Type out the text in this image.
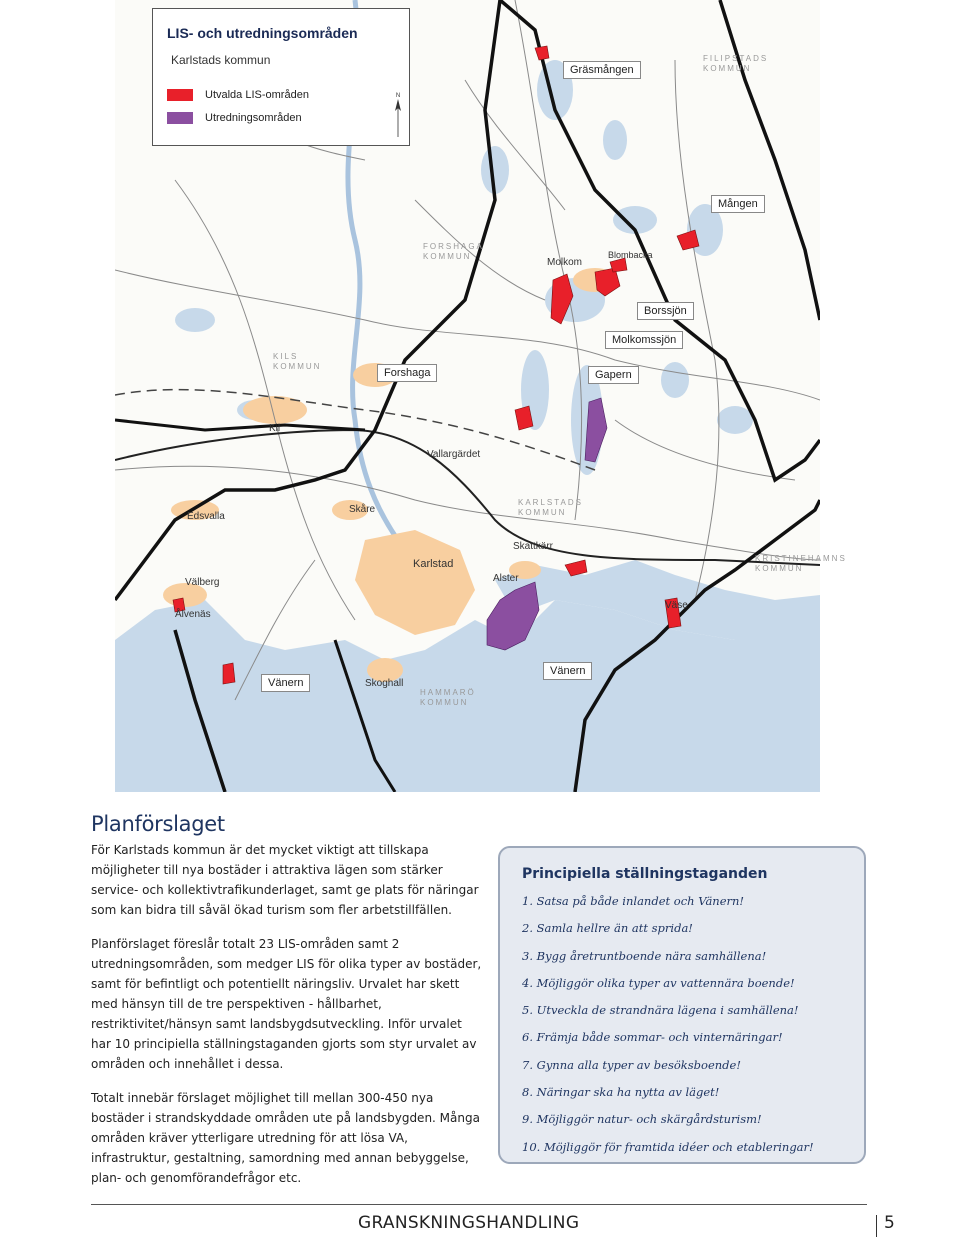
Gräsmången
Mången
Blombacka
Molkom
Borssjön
Molkomssjön
Gapern
Forshaga
Kil
Vallargärdet
Edsvalla
Skåre
Karlstad
Skattkärr
Alster
Välberg
Ålvenäs
Väse
Vänern
Vänern
Skoghall
FILIPSTADS
KOMMUN
FORSHAGA
KOMMUN
KILS
KOMMUN
KARLSTADS
KOMMUN
KRISTINEHAMNS
KOMMUN
HAMMARÖ
KOMMUN
LIS- och utredningsområden
Karlstads kommun
Utvalda LIS-områden
Utredningsområden
N
Planförslaget

För Karlstads kommun är det mycket viktigt att tillskapa möjligheter till nya bostäder i attraktiva lägen som stärker service- och kollektivtrafikunderlaget, samt ge plats för näringar som kan bidra till såväl ökad turism som fler arbetstillfällen.

Planförslaget föreslår totalt 23 LIS-områden samt 2 utredningsområden, som medger LIS för olika typer av bostäder, samt för befintligt och potentiellt näringsliv. Urvalet har skett med hänsyn till de tre perspektiven - hållbarhet, restriktivitet/hänsyn samt landsbygdsutveckling. Inför urvalet har 10 principiella ställningstaganden gjorts som styr urvalet av områden och innehållet i dessa.

Totalt innebär förslaget möjlighet till mellan 300-450 nya bostäder i strandskyddade områden ute på landsbygden. Många områden kräver ytterligare utredning för att lösa VA, infrastruktur, gestaltning, samordning med annan bebyggelse, plan- och genomförandefrågor etc.

Principiella ställningstaganden
1. Satsa på både inlandet och Vänern!
2. Samla hellre än att sprida!
3. Bygg åretruntboende nära samhällena!
4. Möjliggör olika typer av vattennära boende!
5. Utveckla de strandnära lägena i samhällena!
6. Främja både sommar- och vinternäringar!
7. Gynna alla typer av besöksboende!
8. Näringar ska ha nytta av läget!
9. Möjliggör natur- och skärgårdsturism!
10. Möjliggör för framtida idéer och etableringar!
GRANSKNINGSHANDLING	5
